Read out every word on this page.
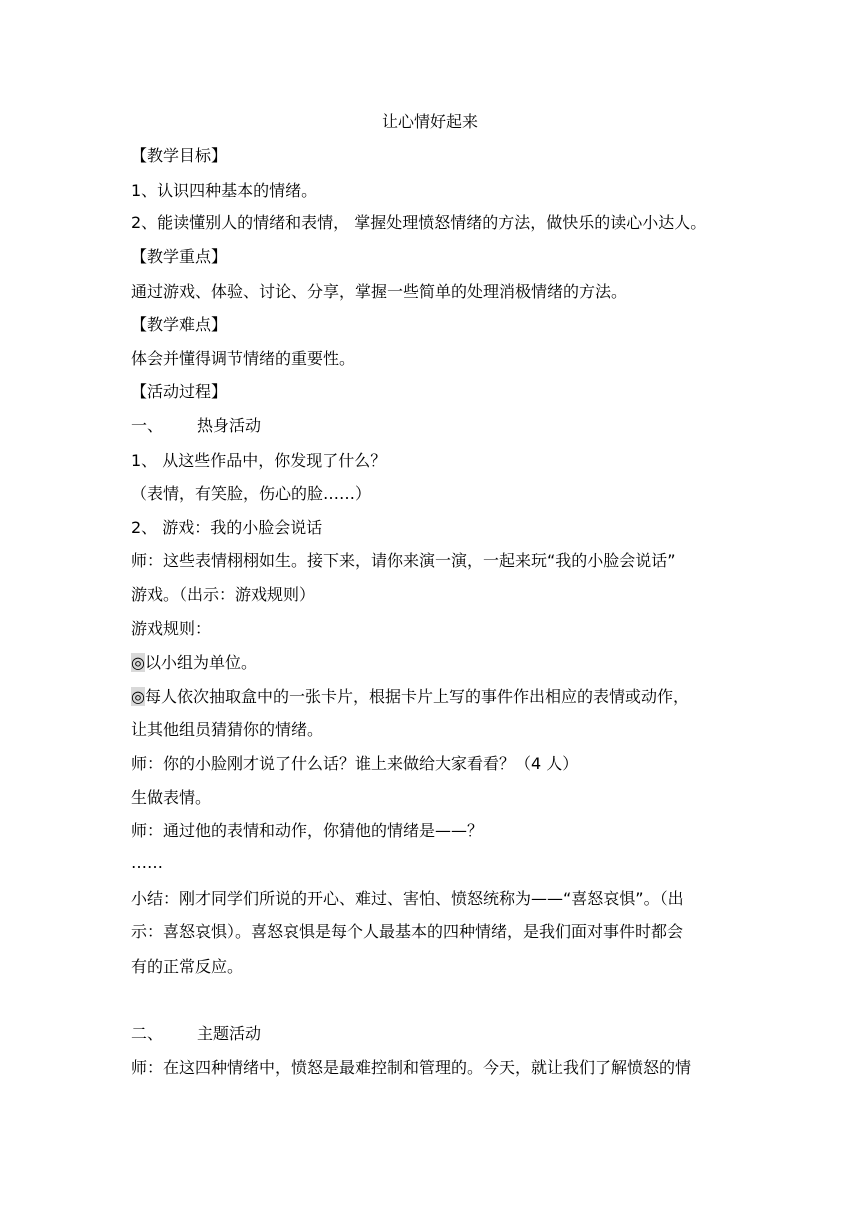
让心情好起来
【教学目标】
1、认识四种基本的情绪。
2、能读懂别人的情绪和表情， 掌握处理愤怒情绪的方法，做快乐的读心小达人。
【教学重点】
通过游戏、体验、讨论、分享，掌握一些简单的处理消极情绪的方法。
【教学难点】
体会并懂得调节情绪的重要性。
【活动过程】
一、 热身活动
1、 从这些作品中，你发现了什么？
（表情，有笑脸，伤心的脸……）
2、 游戏：我的小脸会说话
师：这些表情栩栩如生。接下来，请你来演一演，一起来玩“我的小脸会说话”
游戏。（出示：游戏规则）
游戏规则：
◎以小组为单位。
◎每人依次抽取盒中的一张卡片，根据卡片上写的事件作出相应的表情或动作，
让其他组员猜猜你的情绪。
师：你的小脸刚才说了什么话？谁上来做给大家看看？（4 人）
生做表情。
师：通过他的表情和动作，你猜他的情绪是——？
……
小结：刚才同学们所说的开心、难过、害怕、愤怒统称为——“喜怒哀惧”。（出
示：喜怒哀惧）。喜怒哀惧是每个人最基本的四种情绪，是我们面对事件时都会
有的正常反应。
二、 主题活动
师：在这四种情绪中，愤怒是最难控制和管理的。今天，就让我们了解愤怒的情
